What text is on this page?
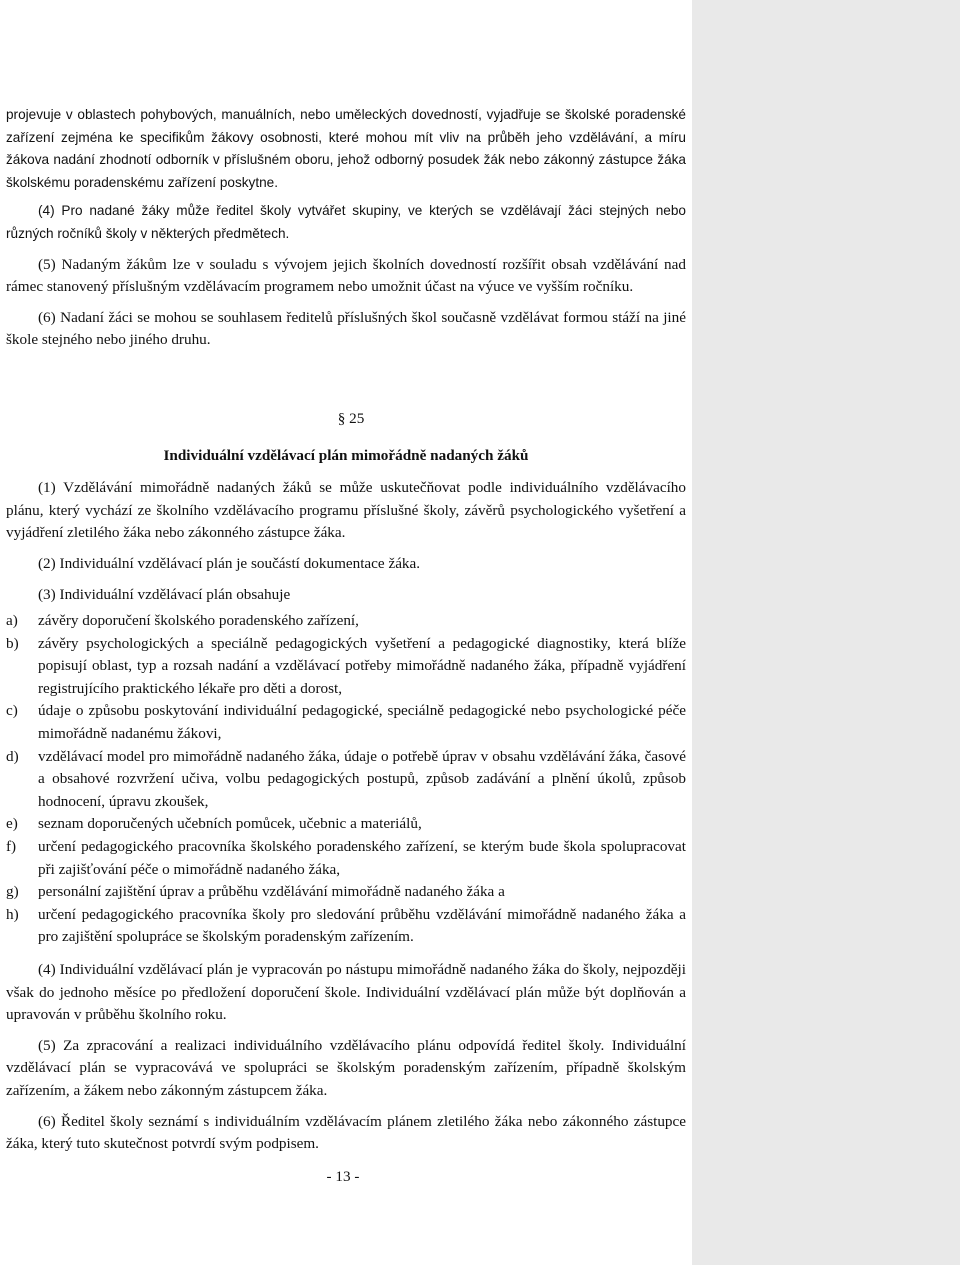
projevuje v oblastech pohybových, manuálních, nebo uměleckých dovedností, vyjadřuje se školské poradenské zařízení zejména ke specifikům žákovy osobnosti, které mohou mít vliv na průběh jeho vzdělávání, a míru žákova nadání zhodnotí odborník v příslušném oboru, jehož odborný posudek žák nebo zákonný zástupce žáka školskému poradenskému zařízení poskytne.

(4) Pro nadané žáky může ředitel školy vytvářet skupiny, ve kterých se vzdělávají žáci stejných nebo různých ročníků školy v některých předmětech.

(5) Nadaným žákům lze v souladu s vývojem jejich školních dovedností rozšířit obsah vzdělávání nad rámec stanovený příslušným vzdělávacím programem nebo umožnit účast na výuce ve vyšším ročníku.

(6) Nadaní žáci se mohou se souhlasem ředitelů příslušných škol současně vzdělávat formou stáží na jiné škole stejného nebo jiného druhu.

§ 25

Individuální vzdělávací plán mimořádně nadaných žáků

(1) Vzdělávání mimořádně nadaných žáků se může uskutečňovat podle individuálního vzdělávacího plánu, který vychází ze školního vzdělávacího programu příslušné školy, závěrů psychologického vyšetření a vyjádření zletilého žáka nebo zákonného zástupce žáka.

(2) Individuální vzdělávací plán je součástí dokumentace žáka.

(3) Individuální vzdělávací plán obsahuje

a)	závěry doporučení školského poradenského zařízení,
b)	závěry psychologických a speciálně pedagogických vyšetření a pedagogické diagnostiky, která blíže popisují oblast, typ a rozsah nadání a vzdělávací potřeby mimořádně nadaného žáka, případně vyjádření registrujícího praktického lékaře pro děti a dorost,
c)	údaje o způsobu poskytování individuální pedagogické, speciálně pedagogické nebo psychologické péče mimořádně nadanému žákovi,
d)	vzdělávací model pro mimořádně nadaného žáka, údaje o potřebě úprav v obsahu vzdělávání žáka, časové a obsahové rozvržení učiva, volbu pedagogických postupů, způsob zadávání a plnění úkolů, způsob hodnocení, úpravu zkoušek,
e)	seznam doporučených učebních pomůcek, učebnic a materiálů,
f)	určení pedagogického pracovníka školského poradenského zařízení, se kterým bude škola spolupracovat při zajišťování péče o mimořádně nadaného žáka,
g)	personální zajištění úprav a průběhu vzdělávání mimořádně nadaného žáka a
h)	určení pedagogického pracovníka školy pro sledování průběhu vzdělávání mimořádně nadaného žáka a pro zajištění spolupráce se školským poradenským zařízením.

(4) Individuální vzdělávací plán je vypracován po nástupu mimořádně nadaného žáka do školy, nejpozději však do jednoho měsíce po předložení doporučení škole. Individuální vzdělávací plán může být doplňován a upravován v průběhu školního roku.

(5) Za zpracování a realizaci individuálního vzdělávacího plánu odpovídá ředitel školy. Individuální vzdělávací plán se vypracovává ve spolupráci se školským poradenským zařízením, případně školským zařízením, a žákem nebo zákonným zástupcem žáka.

(6) Ředitel školy seznámí s individuálním vzdělávacím plánem zletilého žáka nebo zákonného zástupce žáka, který tuto skutečnost potvrdí svým podpisem.

- 13 -
